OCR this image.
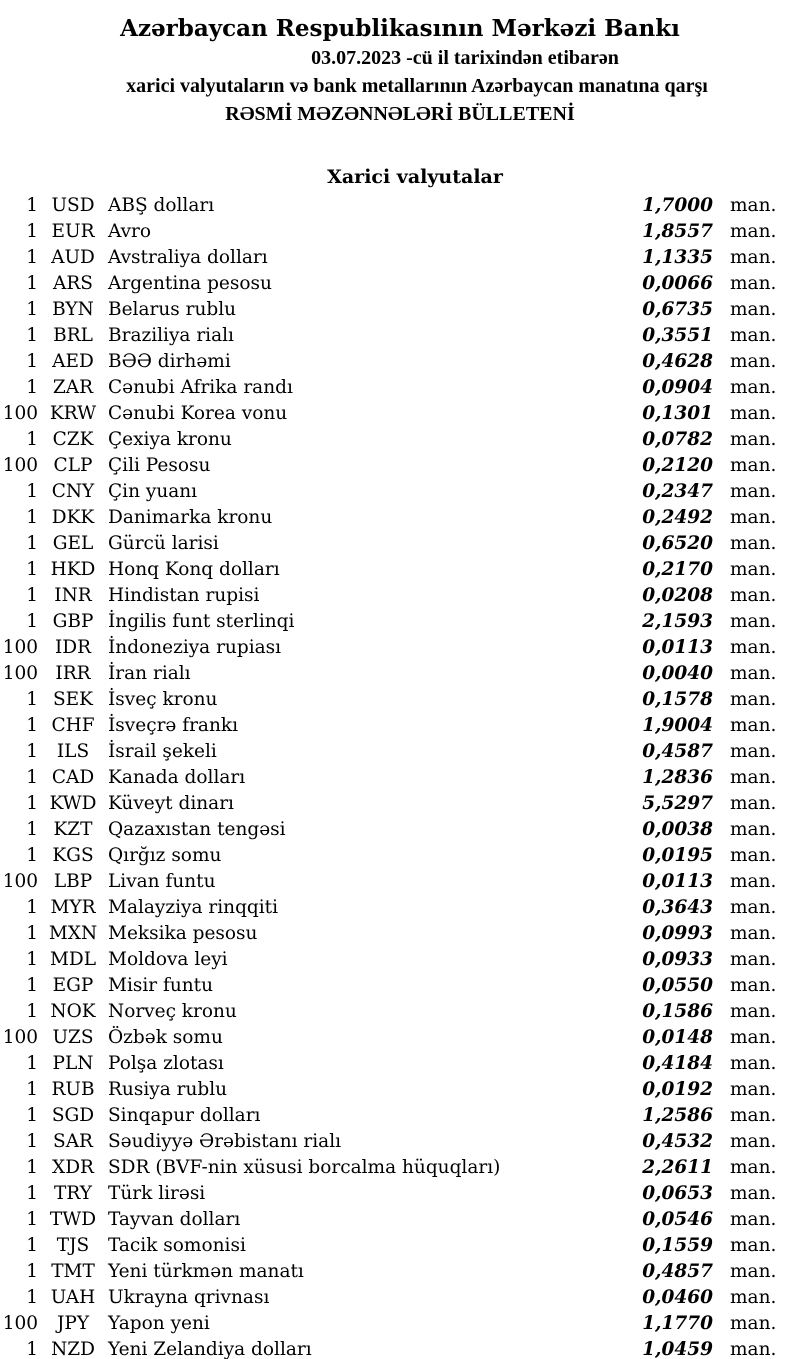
Azərbaycan Respublikasının Mərkəzi Bankı
03.07.2023 -cü il tarixindən etibarən
xarici valyutaların və bank metallarının Azərbaycan manatına qarşı
RƏSMİ MƏZƏNNƏLƏRİ BÜLLETENİ
Xarici valyutalar
1 USD ABŞ dolları	1,7000 man.
1 EUR Avro	1,8557 man.
1 AUD Avstraliya dolları	1,1335 man.
1 ARS Argentina pesosu	0,0066 man.
1 BYN Belarus rublu	0,6735 man.
1 BRL Braziliya rialı	0,3551 man.
1 AED BƏƏ dirhəmi	0,4628 man.
1 ZAR Cənubi Afrika randı	0,0904 man.
100 KRW Cənubi Korea vonu	0,1301 man.
1 CZK Çexiya kronu	0,0782 man.
100 CLP Çili Pesosu	0,2120 man.
1 CNY Çin yuanı	0,2347 man.
1 DKK Danimarka kronu	0,2492 man.
1 GEL Gürcü larisi	0,6520 man.
1 HKD Honq Konq dolları	0,2170 man.
1 INR Hindistan rupisi	0,0208 man.
1 GBP İngilis funt sterlinqi	2,1593 man.
100 IDR İndoneziya rupiası	0,0113 man.
100 IRR İran rialı	0,0040 man.
1 SEK İsveç kronu	0,1578 man.
1 CHF İsveçrə frankı	1,9004 man.
1	ILS	İsrail şekeli	0,4587 man.
1 CAD Kanada dolları	1,2836 man.
1 KWD Küveyt dinarı	5,5297 man.
1 KZT Qazaxıstan tengəsi	0,0038 man.
1 KGS Qırğız somu	0,0195 man.
100 LBP Livan funtu	0,0113 man.
1 MYR Malayziya rinqqiti	0,3643 man.
1 MXN Meksika pesosu	0,0993 man.
1 MDL Moldova leyi	0,0933 man.
1 EGP Misir funtu	0,0550 man.
1 NOK Norveç kronu	0,1586 man.
100 UZS Özbək somu	0,0148 man.
1 PLN Polşa zlotası	0,4184 man.
1 RUB Rusiya rublu	0,0192 man.
1 SGD Sinqapur dolları	1,2586 man.
1 SAR Səudiyyə Ərəbistanı rialı	0,4532 man.
1 XDR SDR (BVF-nin xüsusi borcalma hüquqları)	2,2611 man.
1 TRY Türk lirəsi	0,0653 man.
1 TWD Tayvan dolları	0,0546 man.
1	TJS	Tacik somonisi	0,1559 man.
1 TMT Yeni türkmən manatı	0,4857 man.
1 UAH Ukrayna qrivnası	0,0460 man.
100	JPY	Yapon yeni	1,1770 man.
1 NZD Yeni Zelandiya dolları	1,0459 man.
